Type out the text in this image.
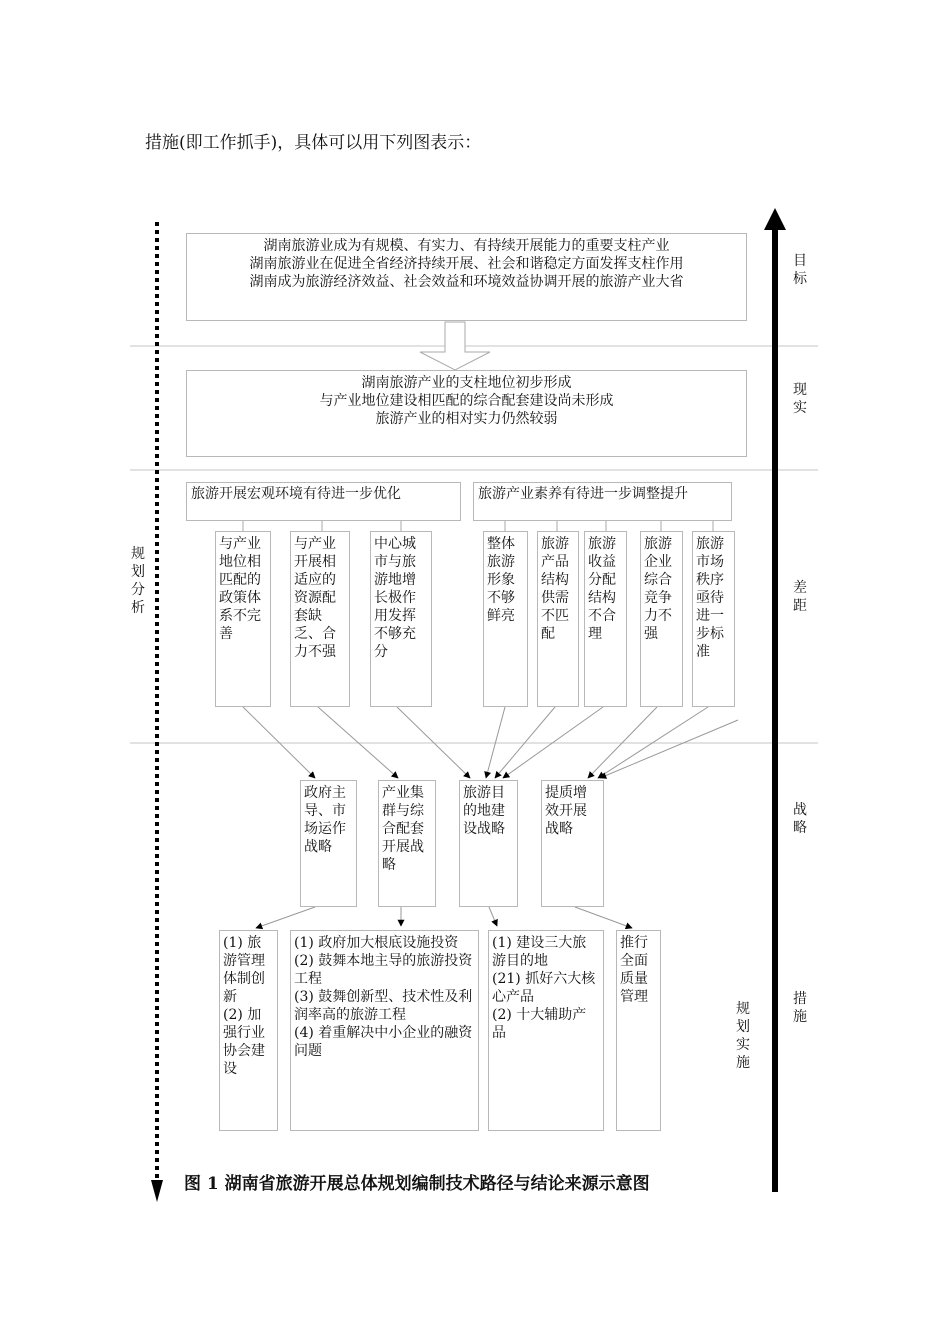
措施(即工作抓手)，具体可以用下列图表示：
湖南旅游业成为有规模、有实力、有持续开展能力的重要支柱产业
湖南旅游业在促进全省经济持续开展、社会和谐稳定方面发挥支柱作用
湖南成为旅游经济效益、社会效益和环境效益协调开展的旅游产业大省
湖南旅游产业的支柱地位初步形成
与产业地位建设相匹配的综合配套建设尚未形成
旅游产业的相对实力仍然较弱
旅游开展宏观环境有待进一步优化	旅游产业素养有待进一步调整提升
与产业地位相匹配的政策体系不完善
与产业开展相适应的资源配套缺乏、合力不强
中心城市与旅游地增长极作用发挥不够充分
整体旅游形象不够鲜亮
旅游产品结构供需不匹配
旅游收益分配结构不合理
旅游企业综合竞争力不强
旅游市场秩序亟待进一步标准
政府主导、市场运作战略
产业集群与综合配套开展战略
旅游目的地建设战略
提质增效开展战略
(1) 旅游管理体制创新
(2) 加强行业协会建设
(1) 政府加大根底设施投资
(2) 鼓舞本地主导的旅游投资工程
(3) 鼓舞创新型、技术性及利润率高的旅游工程
(4) 着重解决中小企业的融资问题
(1) 建设三大旅游目的地
(21) 抓好六大核心产品
(2) 十大辅助产品
推行全面质量管理
目标
现实
差距
战略
措施
规划分析
规划实施
图 1 湖南省旅游开展总体规划编制技术路径与结论来源示意图
